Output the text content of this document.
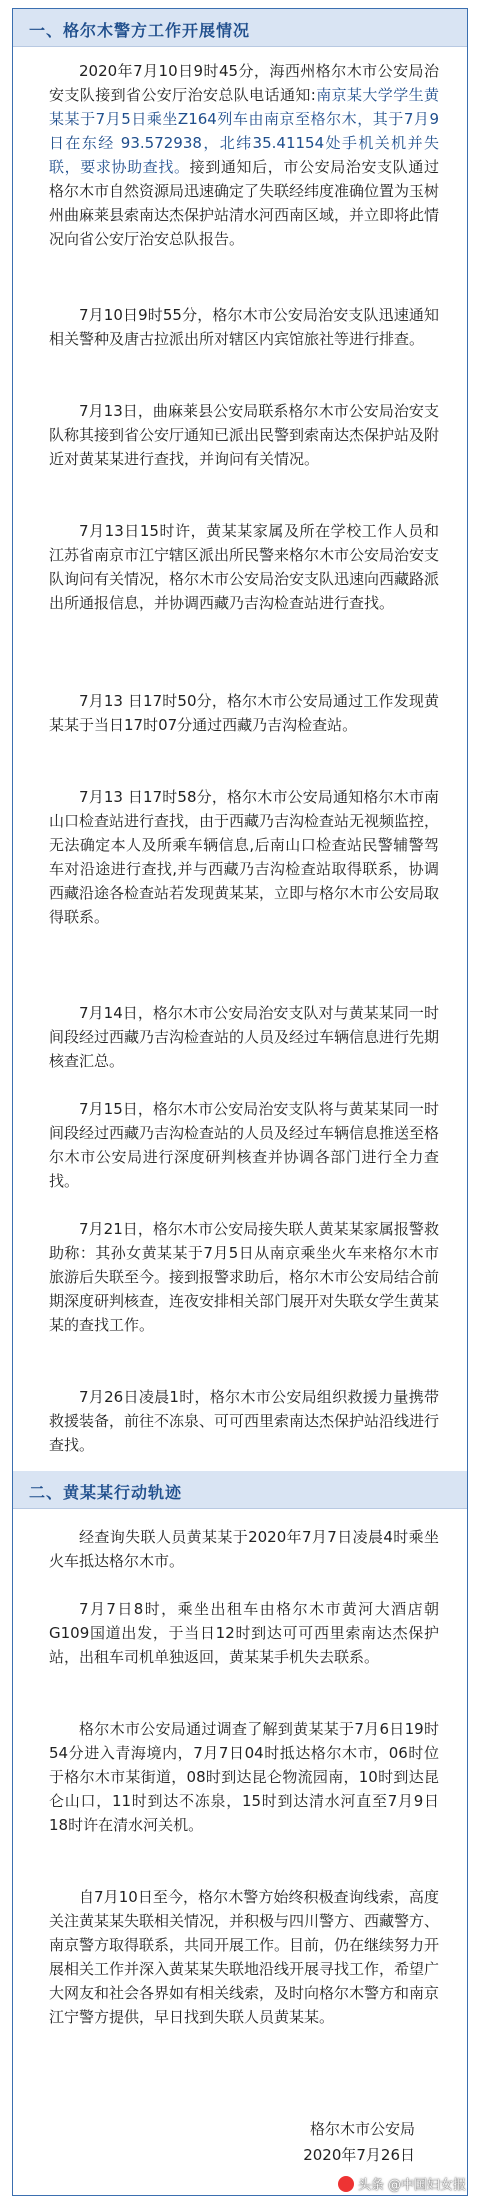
一、格尔木警方工作开展情况

2020年7月10日9时45分，海西州格尔木市公安局治安支队接到省公安厅治安总队电话通知:南京某大学学生黄某某于7月5日乘坐Z164列车由南京至格尔木，其于7月9日在东经 93.572938，北纬35.41154处手机关机并失联，要求协助查找。接到通知后，市公安局治安支队通过格尔木市自然资源局迅速确定了失联经纬度准确位置为玉树州曲麻莱县索南达杰保护站清水河西南区域，并立即将此情况向省公安厅治安总队报告。

7月10日9时55分，格尔木市公安局治安支队迅速通知相关警种及唐古拉派出所对辖区内宾馆旅社等进行排查。

7月13日，曲麻莱县公安局联系格尔木市公安局治安支队称其接到省公安厅通知已派出民警到索南达杰保护站及附近对黄某某进行查找，并询问有关情况。

7月13日15时许，黄某某家属及所在学校工作人员和江苏省南京市江宁辖区派出所民警来格尔木市公安局治安支队询问有关情况，格尔木市公安局治安支队迅速向西藏路派出所通报信息，并协调西藏乃吉沟检查站进行查找。

7月13 日17时50分，格尔木市公安局通过工作发现黄某某于当日17时07分通过西藏乃吉沟检查站。

7月13 日17时58分，格尔木市公安局通知格尔木市南山口检查站进行查找，由于西藏乃吉沟检查站无视频监控，无法确定本人及所乘车辆信息,后南山口检查站民警辅警驾车对沿途进行查找,并与西藏乃吉沟检查站取得联系，协调西藏沿途各检查站若发现黄某某，立即与格尔木市公安局取得联系。

7月14日，格尔木市公安局治安支队对与黄某某同一时间段经过西藏乃吉沟检查站的人员及经过车辆信息进行先期核查汇总。

7月15日，格尔木市公安局治安支队将与黄某某同一时间段经过西藏乃吉沟检查站的人员及经过车辆信息推送至格尔木市公安局进行深度研判核查并协调各部门进行全力查找。

7月21日，格尔木市公安局接失联人黄某某家属报警救助称：其孙女黄某某于7月5日从南京乘坐火车来格尔木市旅游后失联至今。接到报警求助后，格尔木市公安局结合前期深度研判核查，连夜安排相关部门展开对失联女学生黄某某的查找工作。

7月26日凌晨1时，格尔木市公安局组织救援力量携带救援装备，前往不冻泉、可可西里索南达杰保护站沿线进行查找。

二、黄某某行动轨迹

经查询失联人员黄某某于2020年7月7日凌晨4时乘坐火车抵达格尔木市。

7月7日8时，乘坐出租车由格尔木市黄河大酒店朝G109国道出发，于当日12时到达可可西里索南达杰保护站，出租车司机单独返回，黄某某手机失去联系。

格尔木市公安局通过调查了解到黄某某于7月6日19时54分进入青海境内，7月7日04时抵达格尔木市，06时位于格尔木市某街道，08时到达昆仑物流园南，10时到达昆仑山口，11时到达不冻泉，15时到达清水河直至7月9日18时许在清水河关机。

自7月10日至今，格尔木警方始终积极查询线索，高度关注黄某某失联相关情况，并积极与四川警方、西藏警方、南京警方取得联系，共同开展工作。目前，仍在继续努力开展相关工作并深入黄某某失联地沿线开展寻找工作，希望广大网友和社会各界如有相关线索，及时向格尔木警方和南京江宁警方提供，早日找到失联人员黄某某。

格尔木市公安局
2020年7月26日
头条 @中国妇女报
